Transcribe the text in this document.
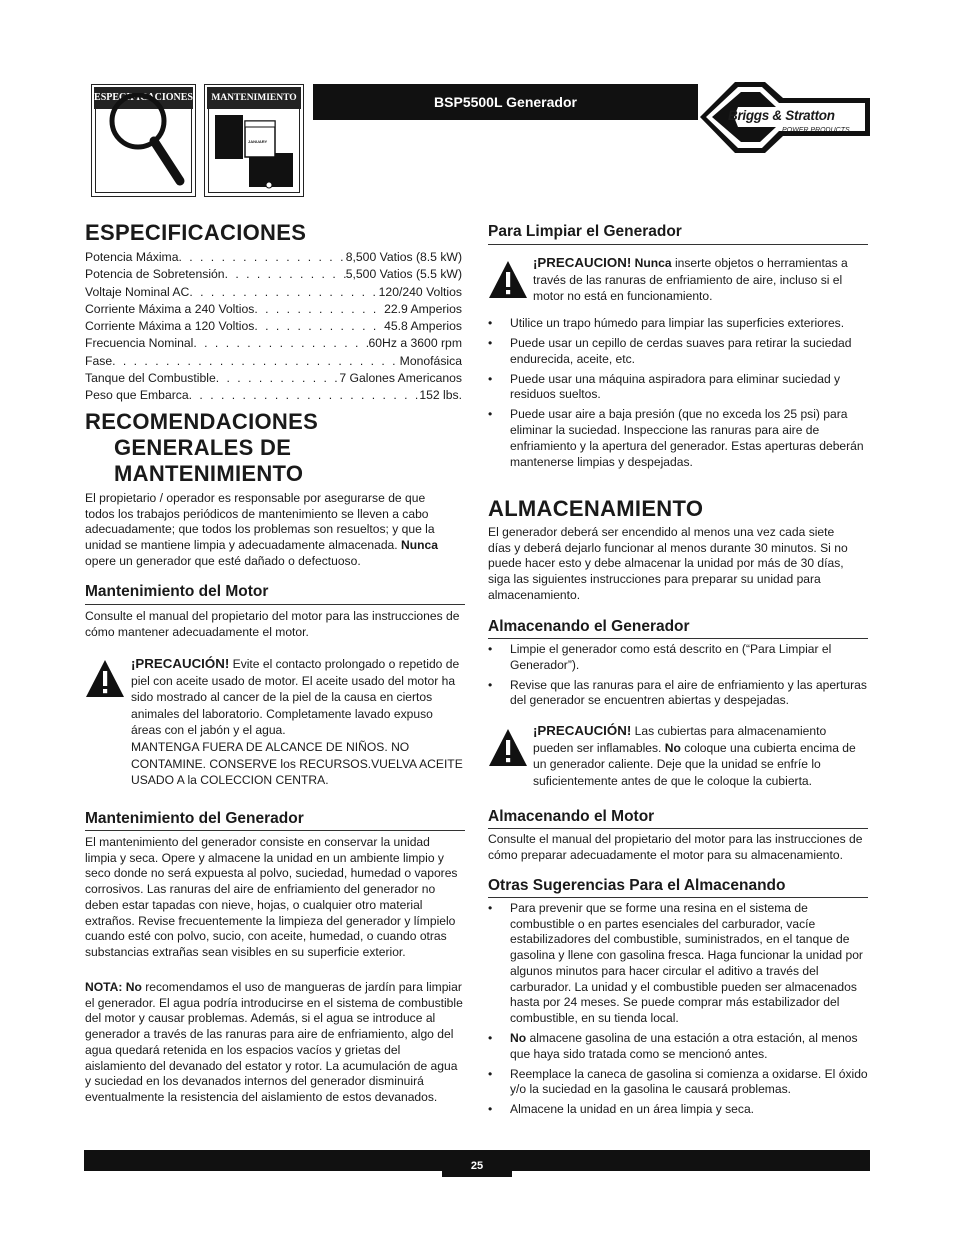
ESPECIFICACIONES	MANTENIMIENTO
JANUARY
BSP5500L Generador
Briggs & Stratton
POWER PRODUCTS
ESPECIFICACIONES
Potencia Máxima . . .	8,500 Vatios (8.5 kW)
Potencia de Sobretensión . . .	5,500 Vatios (5.5 kW)
Voltaje Nominal AC . . .	120/240 Voltios
Corriente Máxima a 240 Voltios . . .	22.9 Amperios
Corriente Máxima a 120 Voltios . . .	45.8 Amperios
Frecuencia Nominal . . .	60Hz a 3600 rpm
Fase . . .	Monofásica
Tanque del Combustible . . .	7 Galones Americanos
Peso que Embarca . . .	152 lbs.
RECOMENDACIONES
GENERALES DE
MANTENIMIENTO

El propietario / operador es responsable por asegurarse de que todos los trabajos periódicos de mantenimiento se lleven a cabo adecuadamente; que todos los problemas son resueltos; y que la unidad se mantiene limpia y adecuadamente almacenada. Nunca opere un generador que esté dañado o defectuoso.

Mantenimiento del Motor

Consulte el manual del propietario del motor para las instrucciones de cómo mantener adecuadamente el motor.

¡PRECAUCIÓN! Evite el contacto prolongado o repetido de piel con aceite usado de motor. El aceite usado del motor ha sido mostrado al cancer de la piel de la causa en ciertos animales del laboratorio. Completamente lavado expuso áreas con el jabón y el agua.
MANTENGA FUERA DE ALCANCE DE NIÑOS. NO CONTAMINE. CONSERVE los RECURSOS.VUELVA ACEITE USADO A la COLECCION CENTRA.
Mantenimiento del Generador

El mantenimiento del generador consiste en conservar la unidad limpia y seca. Opere y almacene la unidad en un ambiente limpio y seco donde no será expuesta al polvo, suciedad, humedad o vapores corrosivos. Las ranuras del aire de enfriamiento del generador no deben estar tapadas con nieve, hojas, o cualquier otro material extraños. Revise frecuentemente la limpieza del generador y límpielo cuando esté con polvo, sucio, con aceite, humedad, o cuando otras substancias extrañas sean visibles en su superficie exterior.

NOTA: No recomendamos el uso de mangueras de jardín para limpiar el generador. El agua podría introducirse en el sistema de combustible del motor y causar problemas. Además, si el agua se introduce al generador a través de las ranuras para aire de enfriamiento, algo del agua quedará retenida en los espacios vacíos y grietas del aislamiento del devanado del estator y rotor. La acumulación de agua y suciedad en los devanados internos del generador disminuirá eventualmente la resistencia del aislamiento de estos devanados.

Para Limpiar el Generador
¡PRECAUCION! Nunca inserte objetos o herramientas a través de las ranuras de enfriamiento de aire, incluso si el motor no está en funcionamiento.
• Utilice un trapo húmedo para limpiar las superficies exteriores.
• Puede usar un cepillo de cerdas suaves para retirar la suciedad endurecida, aceite, etc.
• Puede usar una máquina aspiradora para eliminar suciedad y residuos sueltos.
• Puede usar aire a baja presión (que no exceda los 25 psi) para eliminar la suciedad. Inspeccione las ranuras para aire de enfriamiento y la apertura del generador. Estas aperturas deberán mantenerse limpias y despejadas.
ALMACENAMIENTO

El generador deberá ser encendido al menos una vez cada siete días y deberá dejarlo funcionar al menos durante 30 minutos. Si no puede hacer esto y debe almacenar la unidad por más de 30 días, siga las siguientes instrucciones para preparar su unidad para almacenamiento.

Almacenando el Generador
• Limpie el generador como está descrito en (“Para Limpiar el Generador”).
• Revise que las ranuras para el aire de enfriamiento y las aperturas del generador se encuentren abiertas y despejadas.
¡PRECAUCIÓN! Las cubiertas para almacenamiento pueden ser inflamables. No coloque una cubierta encima de un generador caliente. Deje que la unidad se enfríe lo suficientemente antes de que le coloque la cubierta.
Almacenando el Motor

Consulte el manual del propietario del motor para las instrucciones de cómo preparar adecuadamente el motor para su almacenamiento.

Otras Sugerencias Para el Almacenando
• Para prevenir que se forme una resina en el sistema de combustible o en partes esenciales del carburador, vacíe estabilizadores del combustible, suministrados, en el tanque de gasolina y llene con gasolina fresca. Haga funcionar la unidad por algunos minutos para hacer circular el aditivo a través del carburador. La unidad y el combustible pueden ser almacenados hasta por 24 meses. Se puede comprar más estabilizador del combustible, en su tienda local.
• No almacene gasolina de una estación a otra estación, al menos que haya sido tratada como se mencionó antes.
• Reemplace la caneca de gasolina si comienza a oxidarse. El óxido y/o la suciedad en la gasolina le causará problemas.
• Almacene la unidad en un área limpia y seca.
25
